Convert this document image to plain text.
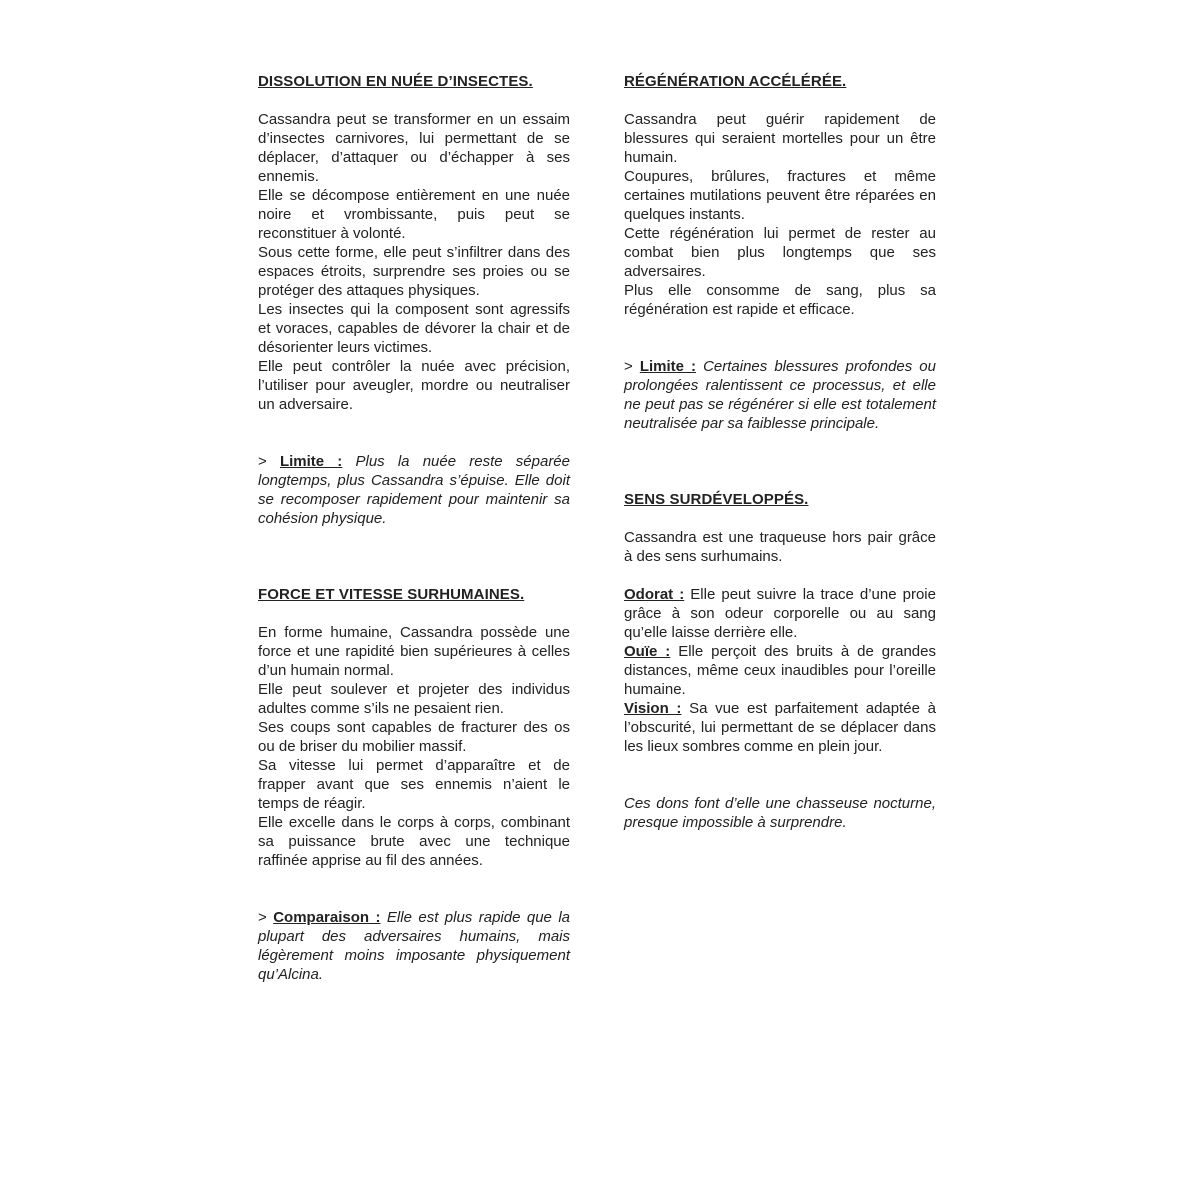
DISSOLUTION EN NUÉE D’INSECTES.

Cassandra peut se transformer en un essaim d’insectes carnivores, lui permettant de se déplacer, d’attaquer ou d’échapper à ses ennemis.

Elle se décompose entièrement en une nuée noire et vrombissante, puis peut se reconstituer à volonté.

Sous cette forme, elle peut s’infiltrer dans des espaces étroits, surprendre ses proies ou se protéger des attaques physiques.

Les insectes qui la composent sont agressifs et voraces, capables de dévorer la chair et de désorienter leurs victimes.

Elle peut contrôler la nuée avec précision, l’utiliser pour aveugler, mordre ou neutraliser un adversaire.

> Limite : Plus la nuée reste séparée longtemps, plus Cassandra s’épuise. Elle doit se recomposer rapidement pour maintenir sa cohésion physique.

FORCE ET VITESSE SURHUMAINES.

En forme humaine, Cassandra possède une force et une rapidité bien supérieures à celles d’un humain normal.

Elle peut soulever et projeter des individus adultes comme s’ils ne pesaient rien.

Ses coups sont capables de fracturer des os ou de briser du mobilier massif.

Sa vitesse lui permet d’apparaître et de frapper avant que ses ennemis n’aient le temps de réagir.

Elle excelle dans le corps à corps, combinant sa puissance brute avec une technique raffinée apprise au fil des années.

> Comparaison : Elle est plus rapide que la plupart des adversaires humains, mais légèrement moins imposante physiquement qu’Alcina.

RÉGÉNÉRATION ACCÉLÉRÉE.

Cassandra peut guérir rapidement de blessures qui seraient mortelles pour un être humain.

Coupures, brûlures, fractures et même certaines mutilations peuvent être réparées en quelques instants.

Cette régénération lui permet de rester au combat bien plus longtemps que ses adversaires.

Plus elle consomme de sang, plus sa régénération est rapide et efficace.

> Limite : Certaines blessures profondes ou prolongées ralentissent ce processus, et elle ne peut pas se régénérer si elle est totalement neutralisée par sa faiblesse principale.

SENS SURDÉVELOPPÉS.

Cassandra est une traqueuse hors pair grâce à des sens surhumains.

Odorat : Elle peut suivre la trace d’une proie grâce à son odeur corporelle ou au sang qu’elle laisse derrière elle.

Ouïe : Elle perçoit des bruits à de grandes distances, même ceux inaudibles pour l’oreille humaine.

Vision : Sa vue est parfaitement adaptée à l’obscurité, lui permettant de se déplacer dans les lieux sombres comme en plein jour.

Ces dons font d’elle une chasseuse nocturne, presque impossible à surprendre.
